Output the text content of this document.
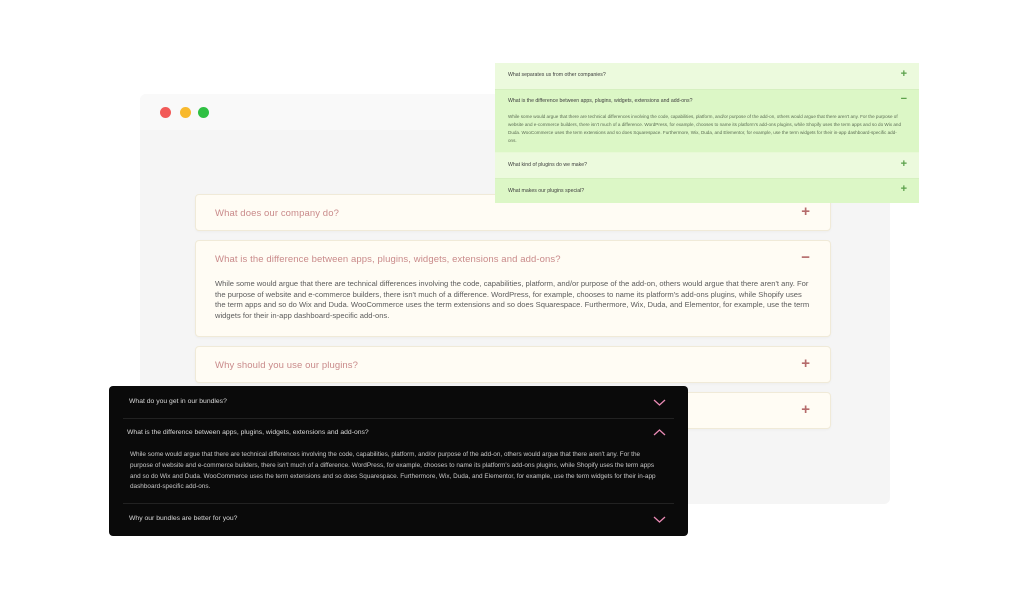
What does our company do?	+
What is the difference between apps, plugins, widgets, extensions and add-ons?	−
While some would argue that there are technical differences involving the code, capabilities, platform, and/or purpose of the add-on, others would argue that there aren't any. For the purpose of website and e-commerce builders, there isn't much of a difference. WordPress, for example, chooses to name its platform's add-ons plugins, while Shopify uses the term apps and so do Wix and Duda. WooCommerce uses the term extensions and so does Squarespace. Furthermore, Wix, Duda, and Elementor, for example, use the term widgets for their in-app dashboard-specific add-ons.
Why should you use our plugins?	+
+
What separates us from other companies?	+
What is the difference between apps, plugins, widgets, extensions and add-ons?	−
While some would argue that there are technical differences involving the code, capabilities, platform, and/or purpose of the add-on, others would argue that there aren't any. For the purpose of website and e-commerce builders, there isn't much of a difference. WordPress, for example, chooses to name its platform's add-ons plugins, while Shopify uses the term apps and so do Wix and Duda. WooCommerce uses the term extensions and so does Squarespace. Furthermore, Wix, Duda, and Elementor, for example, use the term widgets for their in-app dashboard-specific add-ons.
What kind of plugins do we make?	+
What makes our plugins special?	+
What do you get in our bundles?
What is the difference between apps, plugins, widgets, extensions and add-ons?
While some would argue that there are technical differences involving the code, capabilities, platform, and/or purpose of the add-on, others would argue that there aren't any. For the purpose of website and e-commerce builders, there isn't much of a difference. WordPress, for example, chooses to name its platform's add-ons plugins, while Shopify uses the term apps and so do Wix and Duda. WooCommerce uses the term extensions and so does Squarespace. Furthermore, Wix, Duda, and Elementor, for example, use the term widgets for their in-app dashboard-specific add-ons.
Why our bundles are better for you?
